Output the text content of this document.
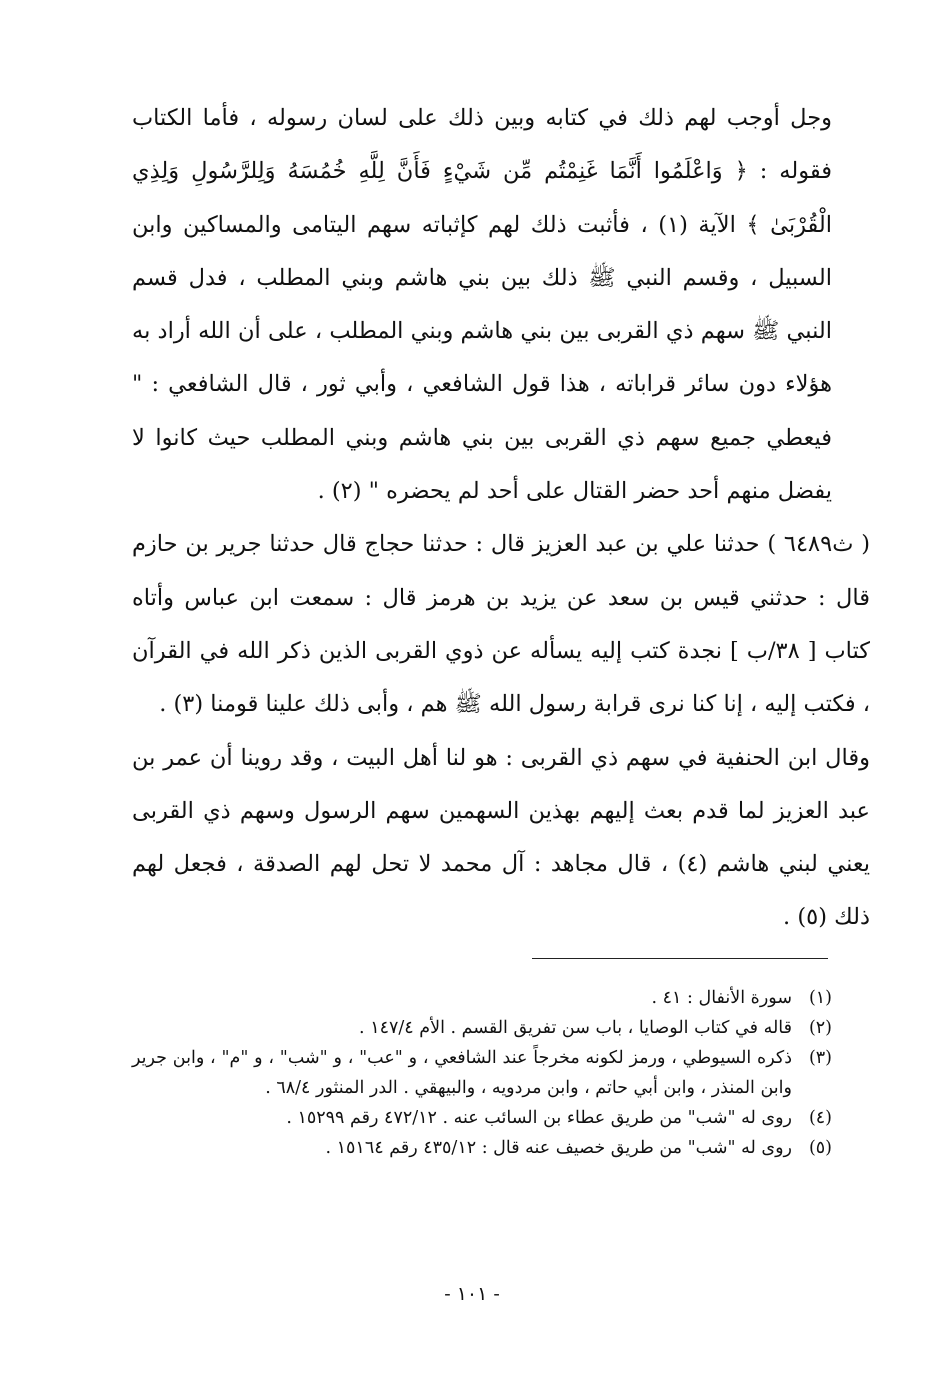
وجل أوجب لهم ذلك في كتابه وبين ذلك على لسان رسوله ، فأما الكتاب فقوله : ﴿ وَاعْلَمُوا أَنَّمَا غَنِمْتُم مِّن شَيْءٍ فَأَنَّ لِلَّهِ خُمُسَهُ وَلِلرَّسُولِ وَلِذِي الْقُرْبَىٰ ﴾ الآية (١) ، فأثبت ذلك لهم كإثباته سهم اليتامى والمساكين وابن السبيل ، وقسم النبي ﷺ ذلك بين بني هاشم وبني المطلب ، فدل قسم النبي ﷺ سهم ذي القربى بين بني هاشم وبني المطلب ، على أن الله أراد به هؤلاء دون سائر قراباته ، هذا قول الشافعي ، وأبي ثور ، قال الشافعي : " فيعطي جميع سهم ذي القربى بين بني هاشم وبني المطلب حيث كانوا لا يفضل منهم أحد حضر القتال على أحد لم يحضره " (٢) .

( ث٦٤٨٩ ) حدثنا علي بن عبد العزيز قال : حدثنا حجاج قال حدثنا جرير بن حازم قال : حدثني قيس بن سعد عن يزيد بن هرمز قال : سمعت ابن عباس وأتاه كتاب [ ٣٨/ب ] نجدة كتب إليه يسأله عن ذوي القربى الذين ذكر الله في القرآن ، فكتب إليه ، إنا كنا نرى قرابة رسول الله ﷺ هم ، وأبى ذلك علينا قومنا (٣) .

وقال ابن الحنفية في سهم ذي القربى : هو لنا أهل البيت ، وقد روينا أن عمر بن عبد العزيز لما قدم بعث إليهم بهذين السهمين سهم الرسول وسهم ذي القربى يعني لبني هاشم (٤) ، قال مجاهد : آل محمد لا تحل لهم الصدقة ، فجعل لهم ذلك (٥) .

(١)
سورة الأنفال : ٤١ .
(٢)
قاله في كتاب الوصايا ، باب سن تفريق القسم . الأم ١٤٧/٤ .
(٣)
ذكره السيوطي ، ورمز لكونه مخرجاً عند الشافعي ، و "عب" ، و "شب" ، و "م" ، وابن جرير وابن المنذر ، وابن أبي حاتم ، وابن مردويه ، والبيهقي . الدر المنثور ٦٨/٤ .
(٤)
روى له "شب" من طريق عطاء بن السائب عنه . ٤٧٢/١٢ رقم ١٥٢٩٩ .
(٥)
روى له "شب" من طريق خصيف عنه قال : ٤٣٥/١٢ رقم ١٥١٦٤ .
- ١٠١ -
